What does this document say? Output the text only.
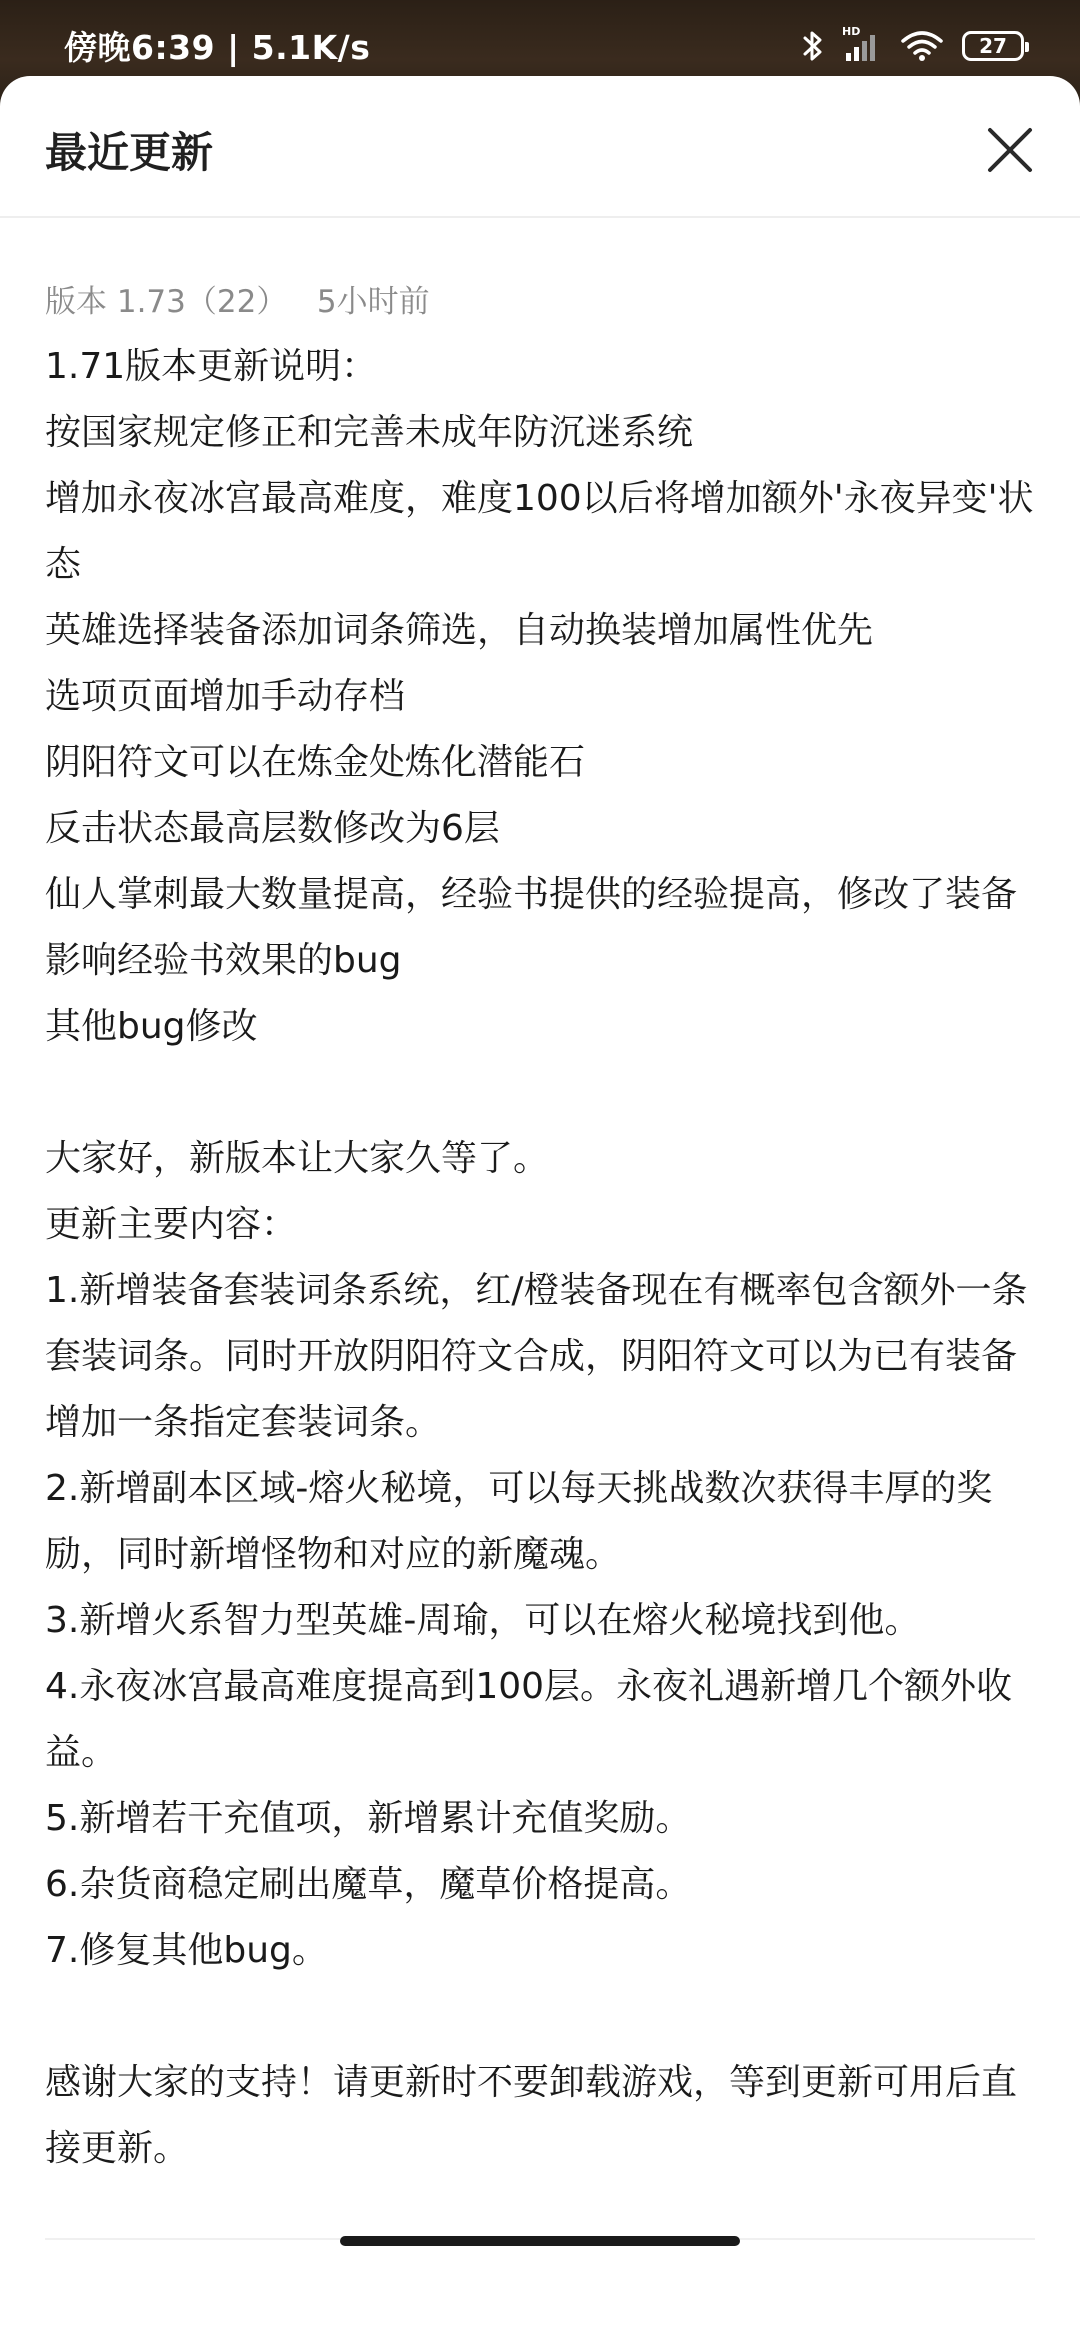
傍晚6:39 | 5.1K/s	HD
27
最近更新
版本 1.73（22） 5小时前

1.71版本更新说明：

按国家规定修正和完善未成年防沉迷系统

增加永夜冰宫最高难度，难度100以后将增加额外'永夜异变'状态

英雄选择装备添加词条筛选，自动换装增加属性优先

选项页面增加手动存档

阴阳符文可以在炼金处炼化潜能石

反击状态最高层数修改为6层

仙人掌刺最大数量提高，经验书提供的经验提高，修改了装备影响经验书效果的bug

其他bug修改

大家好，新版本让大家久等了。

更新主要内容：

1.新增装备套装词条系统，红/橙装备现在有概率包含额外一条套装词条。同时开放阴阳符文合成，阴阳符文可以为已有装备增加一条指定套装词条。

2.新增副本区域-熔火秘境，可以每天挑战数次获得丰厚的奖励，同时新增怪物和对应的新魔魂。

3.新增火系智力型英雄-周瑜，可以在熔火秘境找到他。

4.永夜冰宫最高难度提高到100层。永夜礼遇新增几个额外收益。

5.新增若干充值项，新增累计充值奖励。

6.杂货商稳定刷出魔草，魔草价格提高。

7.修复其他bug。

感谢大家的支持！请更新时不要卸载游戏，等到更新可用后直接更新。
